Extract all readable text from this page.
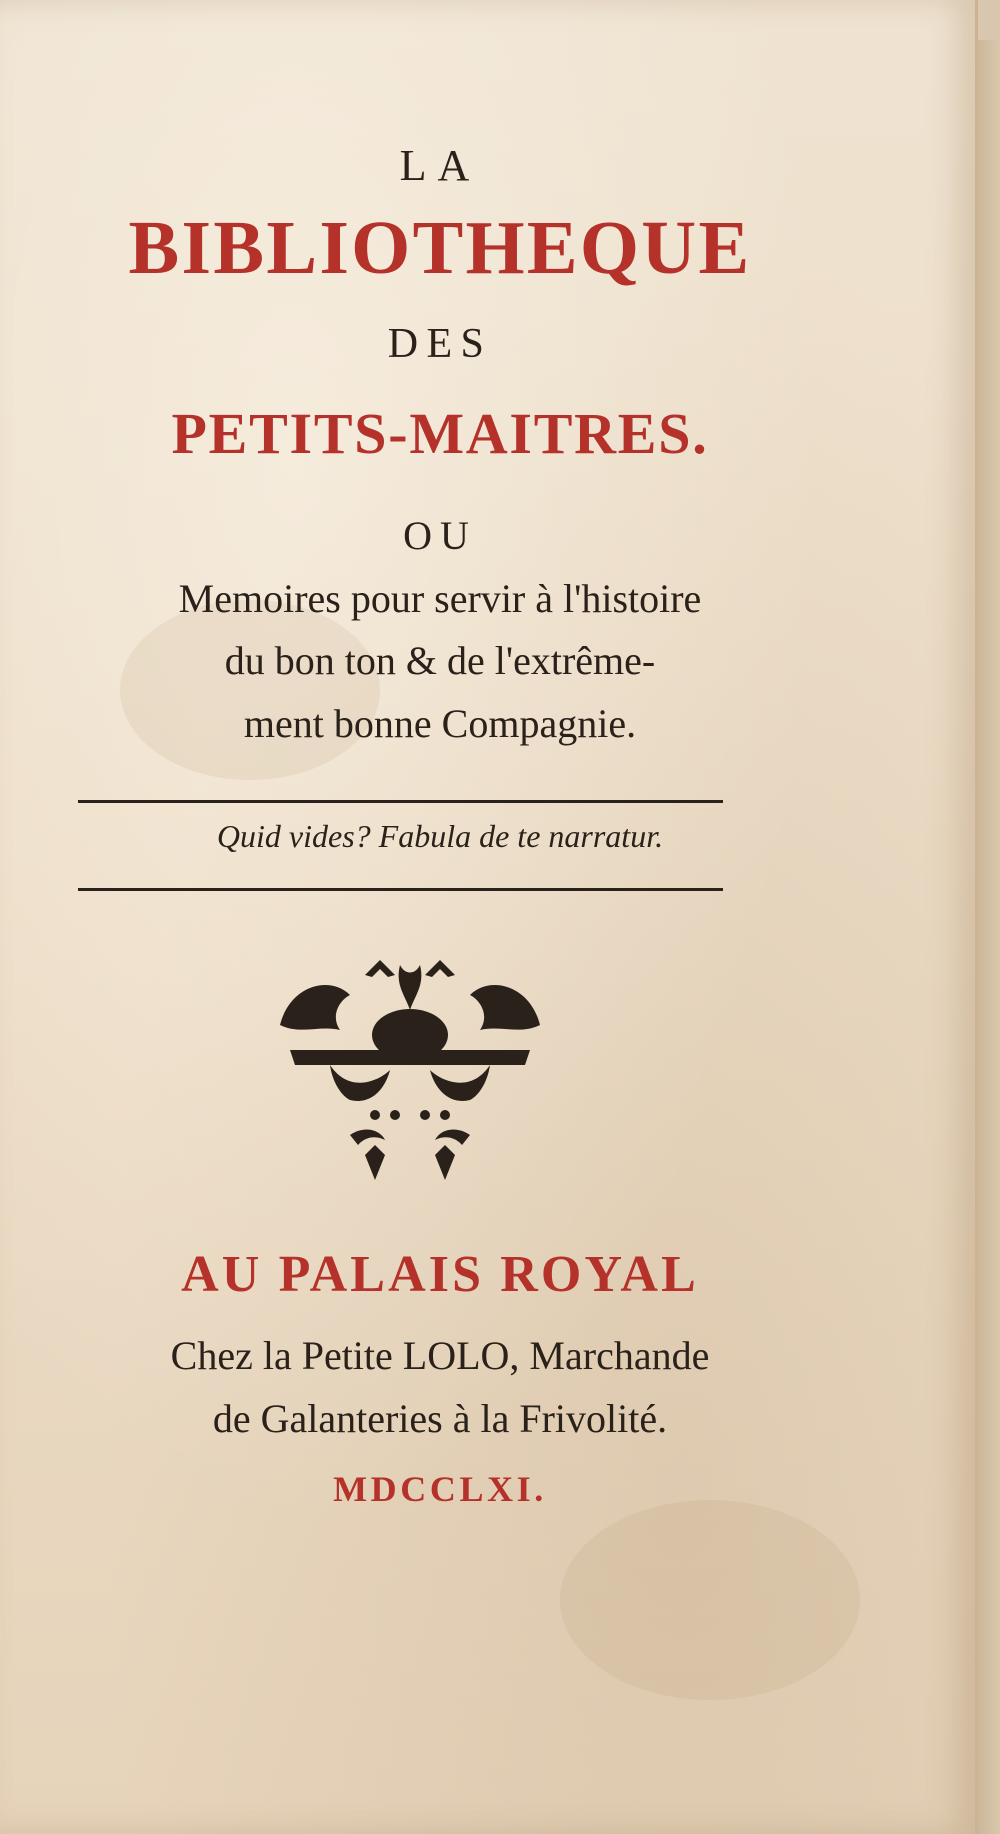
LA

BIBLIOTHEQUE

DES

PETITS-MAITRES.

OU

Memoires pour servir à l'histoire

du bon ton & de l'extrême-

ment bonne Compagnie.

Quid vides? Fabula de te narratur.

AU PALAIS ROYAL

Chez la Petite LOLO, Marchande

de Galanteries à la Frivolité.

MDCCLXI.
